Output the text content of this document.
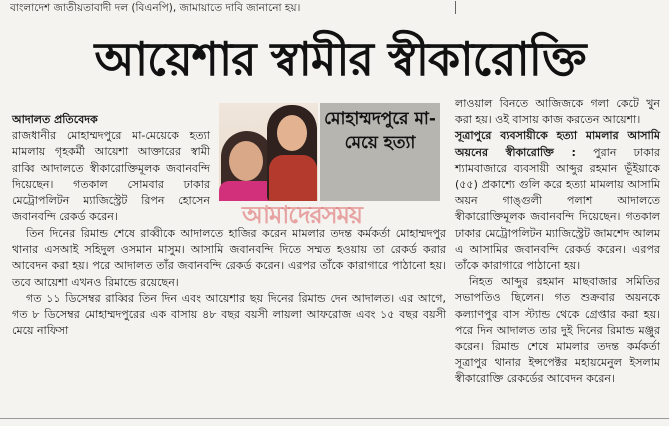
বাংলাদেশ জাতীয়তাবাদী দল (বিএনপি), জামায়াতে দাবি জানানো হয়।
আয়েশার স্বামীর স্বীকারোক্তি

আদালত প্রতিবেদক

রাজধানীর মোহাম্মদপুরে মা-মেয়েকে হত্যা মামলায় গৃহকর্মী আয়েশা আক্তারের স্বামী রাব্বি আদালতে স্বীকারোক্তিমূলক জবানবন্দি দিয়েছেন। গতকাল সোমবার ঢাকার মেট্রোপলিটন ম্যাজিস্ট্রেট রিপন হোসেন জবানবন্দি রেকর্ড করেন।

মোহাম্মদপুরে মা-মেয়ে হত্যা
আমাদেরসময়

তিন দিনের রিমান্ড শেষে রাব্বীকে আদালতে হাজির করেন মামলার তদন্ত কর্মকর্তা মোহাম্মদপুর থানার এসআই সহিদুল ওসমান মাসুম। আসামি জবানবন্দি দিতে সম্মত হওয়ায় তা রেকর্ড করার আবেদন করা হয়। পরে আদালত তাঁর জবানবন্দি রেকর্ড করেন। এরপর তাঁকে কারাগারে পাঠানো হয়। তবে আয়েশা এখনও রিমান্ডে রয়েছেন।

গত ১১ ডিসেম্বর রাব্বির তিন দিন এবং আয়েশার ছয় দিনের রিমান্ড দেন আদালত। এর আগে, গত ৮ ডিসেম্বর মোহাম্মদপুরের এক বাসায় ৪৮ বছর বয়সী লায়লা আফরোজ এবং ১৫ বছর বয়সী মেয়ে নাফিসা

লাওয়াল বিনতে আজিজকে গলা কেটে খুন করা হয়। ওই বাসায় কাজ করতেন আয়েশা।

সূত্রাপুরে ব্যবসায়ীকে হত্যা মামলার আসামি অয়নের স্বীকারোক্তি : পুরান ঢাকার শ্যামবাজারে ব্যবসায়ী আব্দুর রহমান ভূঁইয়াকে (৫৫) প্রকাশ্যে গুলি করে হত্যা মামলায় আসামি অয়ন গাঙ্গুলী পলাশ আদালতে স্বীকারোক্তিমূলক জবানবন্দি দিয়েছেন। গতকাল ঢাকার মেট্রোপলিটন ম্যাজিস্ট্রেট জামশেদ আলম এ আসামির জবানবন্দি রেকর্ড করেন। এরপর তাঁকে কারাগারে পাঠানো হয়।

নিহত আব্দুর রহমান মাছবাজার সমিতির সভাপতিও ছিলেন। গত শুক্রবার অয়নকে কল্যাণপুর বাস স্ট্যান্ড থেকে গ্রেপ্তার করা হয়। পরে দিন আদালত তার দুই দিনের রিমান্ড মঞ্জুর করেন। রিমান্ড শেষে মামলার তদন্ত কর্মকর্তা সূত্রাপুর থানার ইন্সপেক্টর মহায়মেনুল ইসলাম স্বীকারোক্তি রেকর্ডের আবেদন করেন।
